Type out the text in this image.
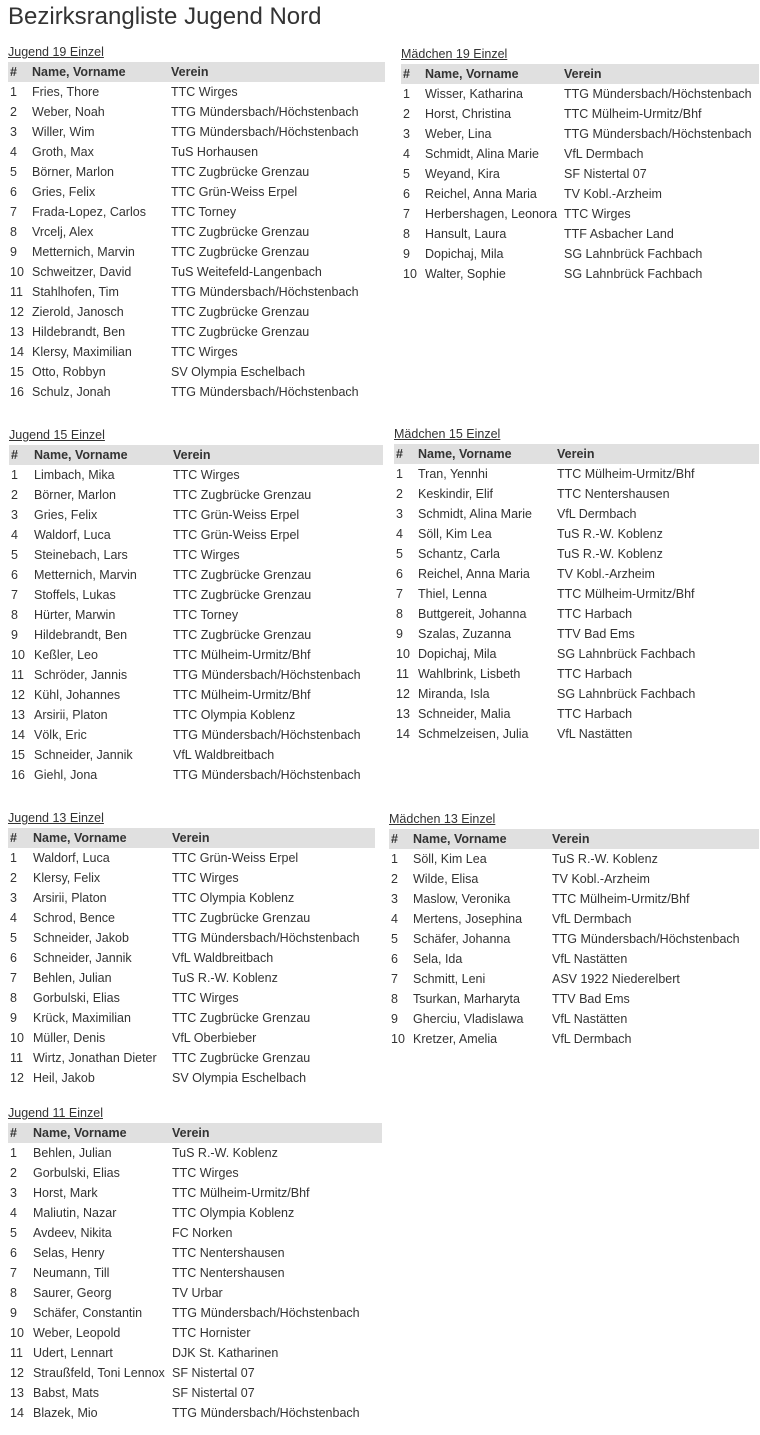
Bezirksrangliste Jugend Nord
Jugend 19 Einzel
#	Name, Vorname	Verein
1	Fries, Thore	TTC Wirges
2	Weber, Noah	TTG Mündersbach/Höchstenbach
3	Willer, Wim	TTG Mündersbach/Höchstenbach
4	Groth, Max	TuS Horhausen
5	Börner, Marlon	TTC Zugbrücke Grenzau
6	Gries, Felix	TTC Grün-Weiss Erpel
7	Frada-Lopez, Carlos	TTC Torney
8	Vrcelj, Alex	TTC Zugbrücke Grenzau
9	Metternich, Marvin	TTC Zugbrücke Grenzau
10	Schweitzer, David	TuS Weitefeld-Langenbach
11	Stahlhofen, Tim	TTG Mündersbach/Höchstenbach
12	Zierold, Janosch	TTC Zugbrücke Grenzau
13	Hildebrandt, Ben	TTC Zugbrücke Grenzau
14	Klersy, Maximilian	TTC Wirges
15	Otto, Robbyn	SV Olympia Eschelbach
16	Schulz, Jonah	TTG Mündersbach/Höchstenbach
Mädchen 19 Einzel
#	Name, Vorname	Verein
1	Wisser, Katharina	TTG Mündersbach/Höchstenbach
2	Horst, Christina	TTC Mülheim-Urmitz/Bhf
3	Weber, Lina	TTG Mündersbach/Höchstenbach
4	Schmidt, Alina Marie	VfL Dermbach
5	Weyand, Kira	SF Nistertal 07
6	Reichel, Anna Maria	TV Kobl.-Arzheim
7	Herbershagen, Leonora	TTC Wirges
8	Hansult, Laura	TTF Asbacher Land
9	Dopichaj, Mila	SG Lahnbrück Fachbach
10	Walter, Sophie	SG Lahnbrück Fachbach
Jugend 15 Einzel
#	Name, Vorname	Verein
1	Limbach, Mika	TTC Wirges
2	Börner, Marlon	TTC Zugbrücke Grenzau
3	Gries, Felix	TTC Grün-Weiss Erpel
4	Waldorf, Luca	TTC Grün-Weiss Erpel
5	Steinebach, Lars	TTC Wirges
6	Metternich, Marvin	TTC Zugbrücke Grenzau
7	Stoffels, Lukas	TTC Zugbrücke Grenzau
8	Hürter, Marwin	TTC Torney
9	Hildebrandt, Ben	TTC Zugbrücke Grenzau
10	Keßler, Leo	TTC Mülheim-Urmitz/Bhf
11	Schröder, Jannis	TTG Mündersbach/Höchstenbach
12	Kühl, Johannes	TTC Mülheim-Urmitz/Bhf
13	Arsirii, Platon	TTC Olympia Koblenz
14	Völk, Eric	TTG Mündersbach/Höchstenbach
15	Schneider, Jannik	VfL Waldbreitbach
16	Giehl, Jona	TTG Mündersbach/Höchstenbach
Mädchen 15 Einzel
#	Name, Vorname	Verein
1	Tran, Yennhi	TTC Mülheim-Urmitz/Bhf
2	Keskindir, Elif	TTC Nentershausen
3	Schmidt, Alina Marie	VfL Dermbach
4	Söll, Kim Lea	TuS R.-W. Koblenz
5	Schantz, Carla	TuS R.-W. Koblenz
6	Reichel, Anna Maria	TV Kobl.-Arzheim
7	Thiel, Lenna	TTC Mülheim-Urmitz/Bhf
8	Buttgereit, Johanna	TTC Harbach
9	Szalas, Zuzanna	TTV Bad Ems
10	Dopichaj, Mila	SG Lahnbrück Fachbach
11	Wahlbrink, Lisbeth	TTC Harbach
12	Miranda, Isla	SG Lahnbrück Fachbach
13	Schneider, Malia	TTC Harbach
14	Schmelzeisen, Julia	VfL Nastätten
Jugend 13 Einzel
#	Name, Vorname	Verein
1	Waldorf, Luca	TTC Grün-Weiss Erpel
2	Klersy, Felix	TTC Wirges
3	Arsirii, Platon	TTC Olympia Koblenz
4	Schrod, Bence	TTC Zugbrücke Grenzau
5	Schneider, Jakob	TTG Mündersbach/Höchstenbach
6	Schneider, Jannik	VfL Waldbreitbach
7	Behlen, Julian	TuS R.-W. Koblenz
8	Gorbulski, Elias	TTC Wirges
9	Krück, Maximilian	TTC Zugbrücke Grenzau
10	Müller, Denis	VfL Oberbieber
11	Wirtz, Jonathan Dieter	TTC Zugbrücke Grenzau
12	Heil, Jakob	SV Olympia Eschelbach
Mädchen 13 Einzel
#	Name, Vorname	Verein
1	Söll, Kim Lea	TuS R.-W. Koblenz
2	Wilde, Elisa	TV Kobl.-Arzheim
3	Maslow, Veronika	TTC Mülheim-Urmitz/Bhf
4	Mertens, Josephina	VfL Dermbach
5	Schäfer, Johanna	TTG Mündersbach/Höchstenbach
6	Sela, Ida	VfL Nastätten
7	Schmitt, Leni	ASV 1922 Niederelbert
8	Tsurkan, Marharyta	TTV Bad Ems
9	Gherciu, Vladislawa	VfL Nastätten
10	Kretzer, Amelia	VfL Dermbach
Jugend 11 Einzel
#	Name, Vorname	Verein
1	Behlen, Julian	TuS R.-W. Koblenz
2	Gorbulski, Elias	TTC Wirges
3	Horst, Mark	TTC Mülheim-Urmitz/Bhf
4	Maliutin, Nazar	TTC Olympia Koblenz
5	Avdeev, Nikita	FC Norken
6	Selas, Henry	TTC Nentershausen
7	Neumann, Till	TTC Nentershausen
8	Saurer, Georg	TV Urbar
9	Schäfer, Constantin	TTG Mündersbach/Höchstenbach
10	Weber, Leopold	TTC Hornister
11	Udert, Lennart	DJK St. Katharinen
12	Straußfeld, Toni Lennox	SF Nistertal 07
13	Babst, Mats	SF Nistertal 07
14	Blazek, Mio	TTG Mündersbach/Höchstenbach
